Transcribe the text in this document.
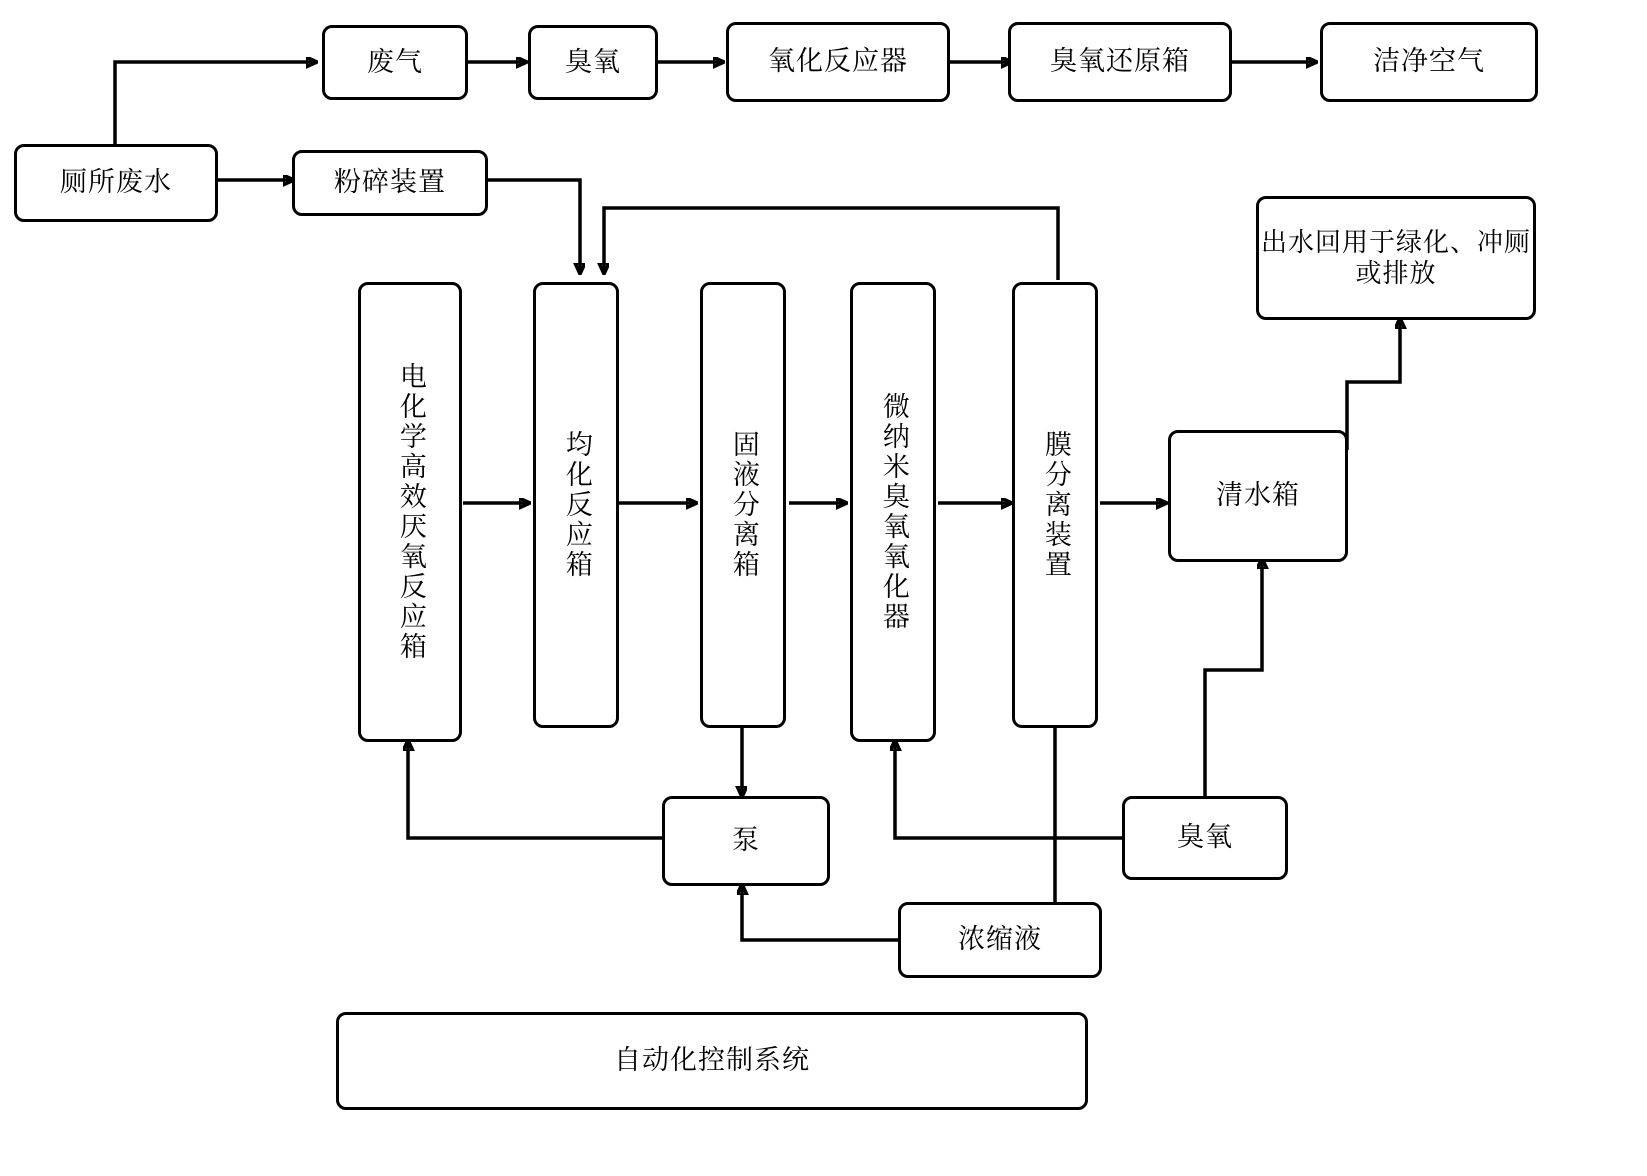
废气	臭氧	氧化反应器	臭氧还原箱	洁净空气
厕所废水	粉碎装置
电化学高效厌氧反应箱	均化反应箱	固液分离箱	微纳米臭氧氧化器	膜分离装置	清水箱
出水回用于绿化、冲厕或排放
泵	臭氧
浓缩液
自动化控制系统
